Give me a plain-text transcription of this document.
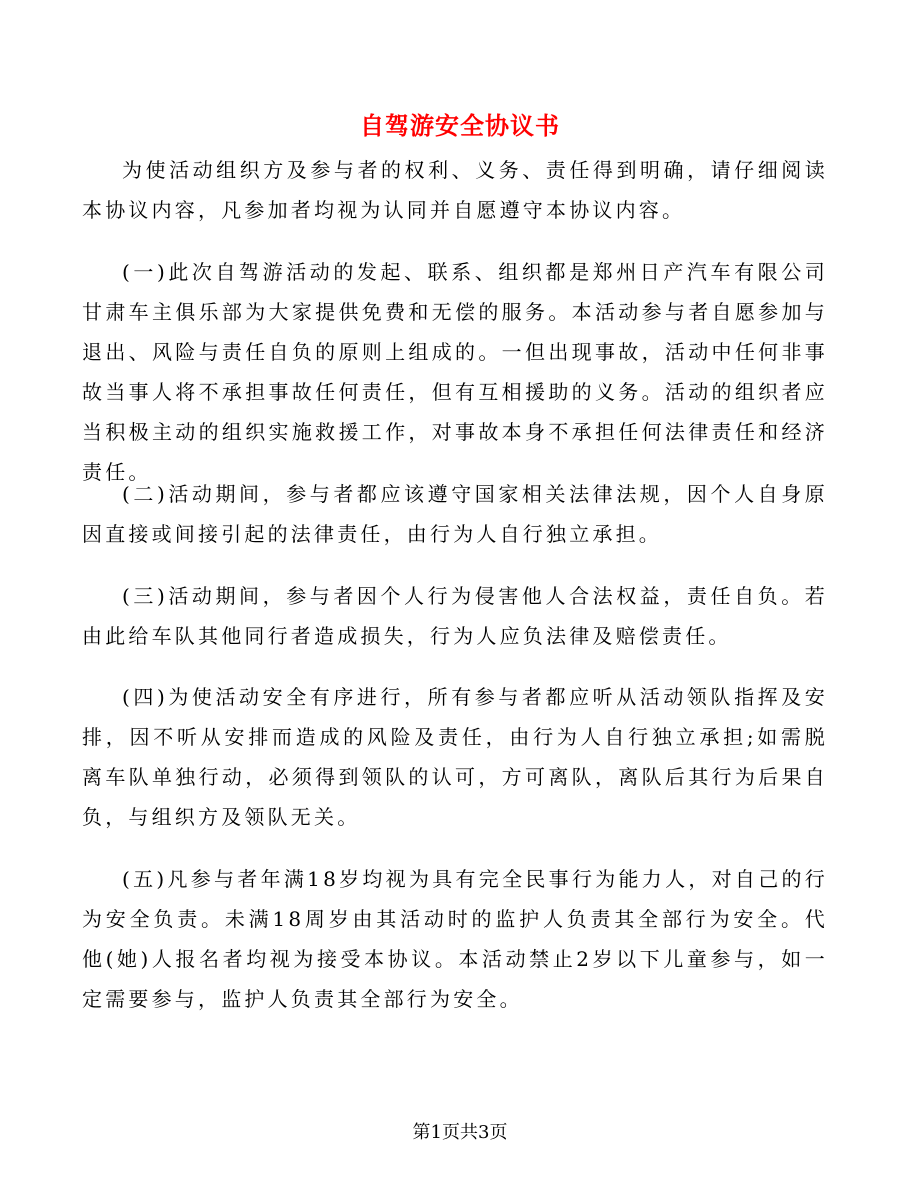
自驾游安全协议书

为使活动组织方及参与者的权利、义务、责任得到明确，请仔细阅读本协议内容，凡参加者均视为认同并自愿遵守本协议内容。

(一)此次自驾游活动的发起、联系、组织都是郑州日产汽车有限公司甘肃车主俱乐部为大家提供免费和无偿的服务。本活动参与者自愿参加与退出、风险与责任自负的原则上组成的。一但出现事故，活动中任何非事故当事人将不承担事故任何责任，但有互相援助的义务。活动的组织者应当积极主动的组织实施救援工作，对事故本身不承担任何法律责任和经济责任。

(二)活动期间，参与者都应该遵守国家相关法律法规，因个人自身原因直接或间接引起的法律责任，由行为人自行独立承担。

(三)活动期间，参与者因个人行为侵害他人合法权益，责任自负。若由此给车队其他同行者造成损失，行为人应负法律及赔偿责任。

(四)为使活动安全有序进行，所有参与者都应听从活动领队指挥及安排，因不听从安排而造成的风险及责任，由行为人自行独立承担;如需脱离车队单独行动，必须得到领队的认可，方可离队，离队后其行为后果自负，与组织方及领队无关。

(五)凡参与者年满18岁均视为具有完全民事行为能力人，对自己的行为安全负责。未满18周岁由其活动时的监护人负责其全部行为安全。代他(她)人报名者均视为接受本协议。本活动禁止2岁以下儿童参与，如一定需要参与，监护人负责其全部行为安全。

第1页共3页
